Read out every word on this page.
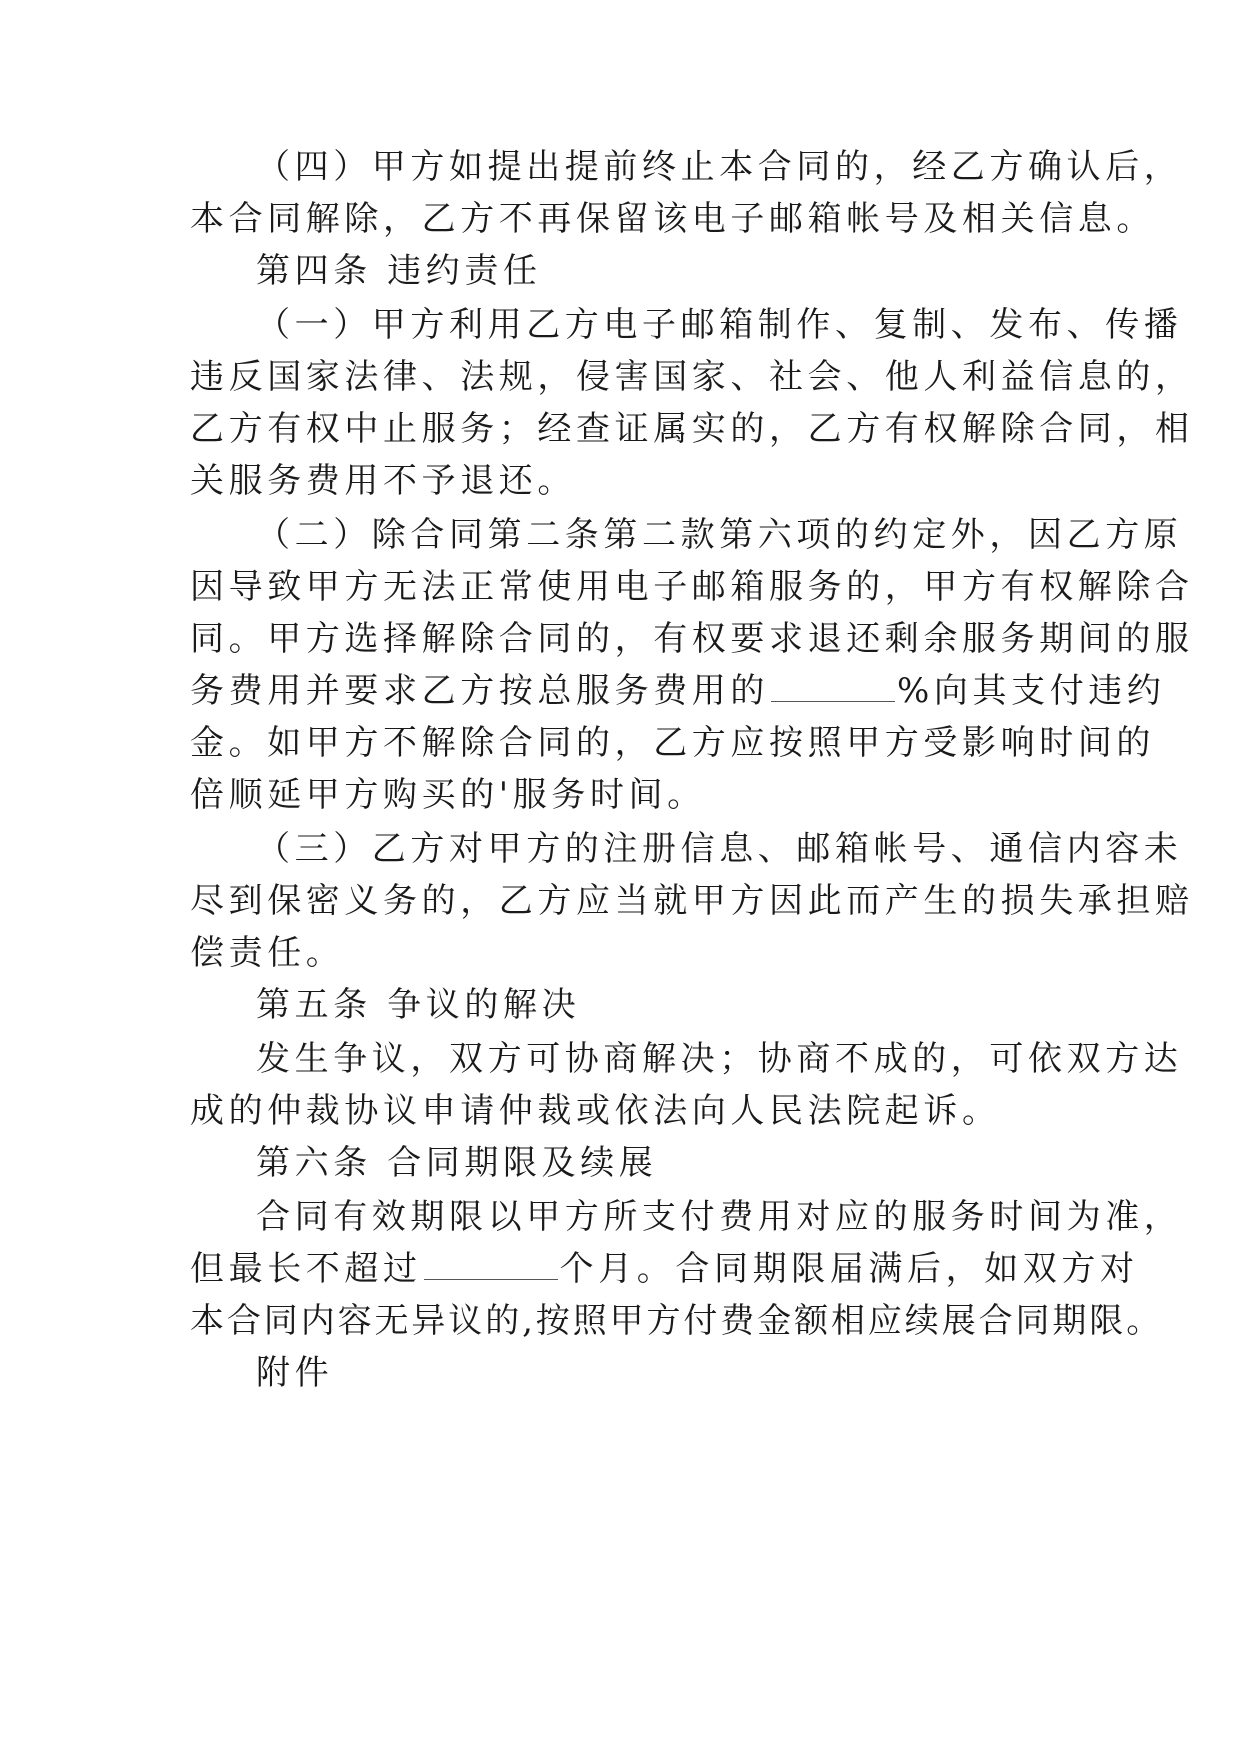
（四）甲方如提出提前终止本合同的，经乙方确认后，

本合同解除，乙方不再保留该电子邮箱帐号及相关信息。

第四条 违约责任

（一）甲方利用乙方电子邮箱制作、复制、发布、传播

违反国家法律、法规，侵害国家、社会、他人利益信息的，

乙方有权中止服务；经查证属实的，乙方有权解除合同，相

关服务费用不予退还。

（二）除合同第二条第二款第六项的约定外，因乙方原

因导致甲方无法正常使用电子邮箱服务的，甲方有权解除合

同。甲方选择解除合同的，有权要求退还剩余服务期间的服

务费用并要求乙方按总服务费用的	%向其支付违约

金。如甲方不解除合同的，乙方应按照甲方受影响时间的

倍顺延甲方购买的'服务时间。

（三）乙方对甲方的注册信息、邮箱帐号、通信内容未

尽到保密义务的，乙方应当就甲方因此而产生的损失承担赔

偿责任。

第五条 争议的解决

发生争议，双方可协商解决；协商不成的，可依双方达

成的仲裁协议申请仲裁或依法向人民法院起诉。

第六条 合同期限及续展

合同有效期限以甲方所支付费用对应的服务时间为准，

但最长不超过	个月。合同期限届满后，如双方对

本合同内容无异议的,按照甲方付费金额相应续展合同期限。

附件
